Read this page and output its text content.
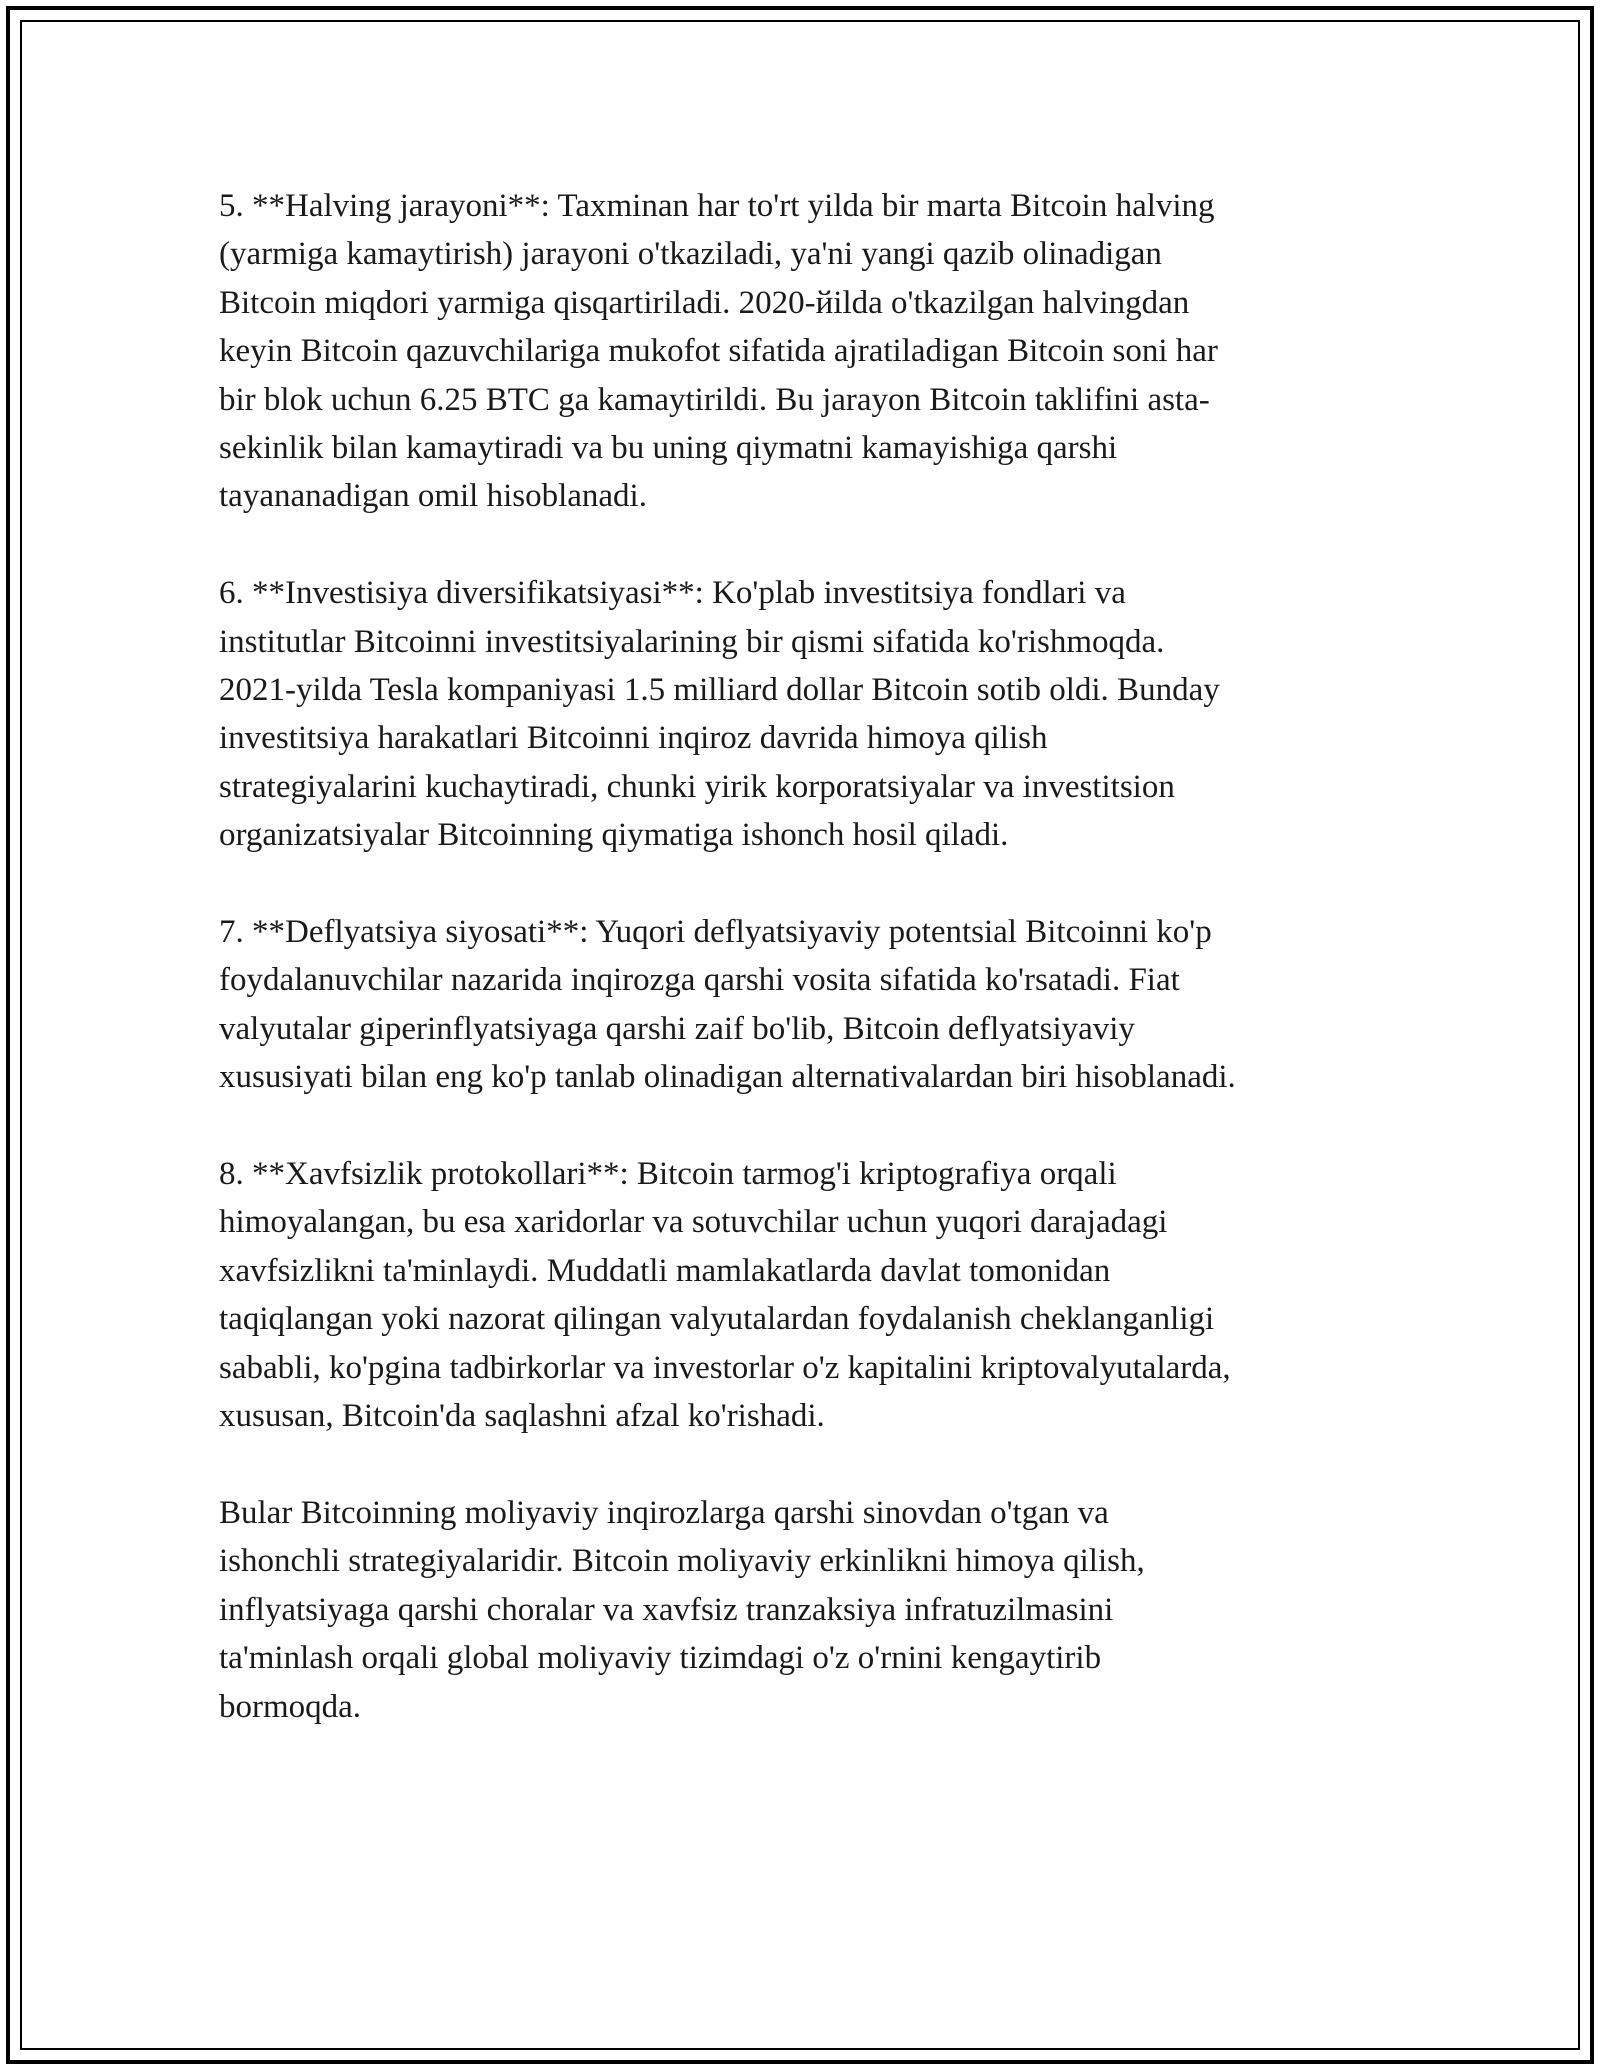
5. **Halving jarayoni**: Taxminan har to'rt yilda bir marta Bitcoin halving
(yarmiga kamaytirish) jarayoni o'tkaziladi, ya'ni yangi qazib olinadigan
Bitcoin miqdori yarmiga qisqartiriladi. 2020-йilda o'tkazilgan halvingdan
keyin Bitcoin qazuvchilariga mukofot sifatida ajratiladigan Bitcoin soni har
bir blok uchun 6.25 BTC ga kamaytirildi. Bu jarayon Bitcoin taklifini asta-
sekinlik bilan kamaytiradi va bu uning qiymatni kamayishiga qarshi
tayananadigan omil hisoblanadi.

6. **Investisiya diversifikatsiyasi**: Ko'plab investitsiya fondlari va
institutlar Bitcoinni investitsiyalarining bir qismi sifatida ko'rishmoqda.
2021-yilda Tesla kompaniyasi 1.5 milliard dollar Bitcoin sotib oldi. Bunday
investitsiya harakatlari Bitcoinni inqiroz davrida himoya qilish
strategiyalarini kuchaytiradi, chunki yirik korporatsiyalar va investitsion
organizatsiyalar Bitcoinning qiymatiga ishonch hosil qiladi.

7. **Deflyatsiya siyosati**: Yuqori deflyatsiyaviy potentsial Bitcoinni ko'p
foydalanuvchilar nazarida inqirozga qarshi vosita sifatida ko'rsatadi. Fiat
valyutalar giperinflyatsiyaga qarshi zaif bo'lib, Bitcoin deflyatsiyaviy
xususiyati bilan eng ko'p tanlab olinadigan alternativalardan biri hisoblanadi.

8. **Xavfsizlik protokollari**: Bitcoin tarmog'i kriptografiya orqali
himoyalangan, bu esa xaridorlar va sotuvchilar uchun yuqori darajadagi
xavfsizlikni ta'minlaydi. Muddatli mamlakatlarda davlat tomonidan
taqiqlangan yoki nazorat qilingan valyutalardan foydalanish cheklanganligi
sababli, ko'pgina tadbirkorlar va investorlar o'z kapitalini kriptovalyutalarda,
xususan, Bitcoin'da saqlashni afzal ko'rishadi.

Bular Bitcoinning moliyaviy inqirozlarga qarshi sinovdan o'tgan va
ishonchli strategiyalaridir. Bitcoin moliyaviy erkinlikni himoya qilish,
inflyatsiyaga qarshi choralar va xavfsiz tranzaksiya infratuzilmasini
ta'minlash orqali global moliyaviy tizimdagi o'z o'rnini kengaytirib
bormoqda.
